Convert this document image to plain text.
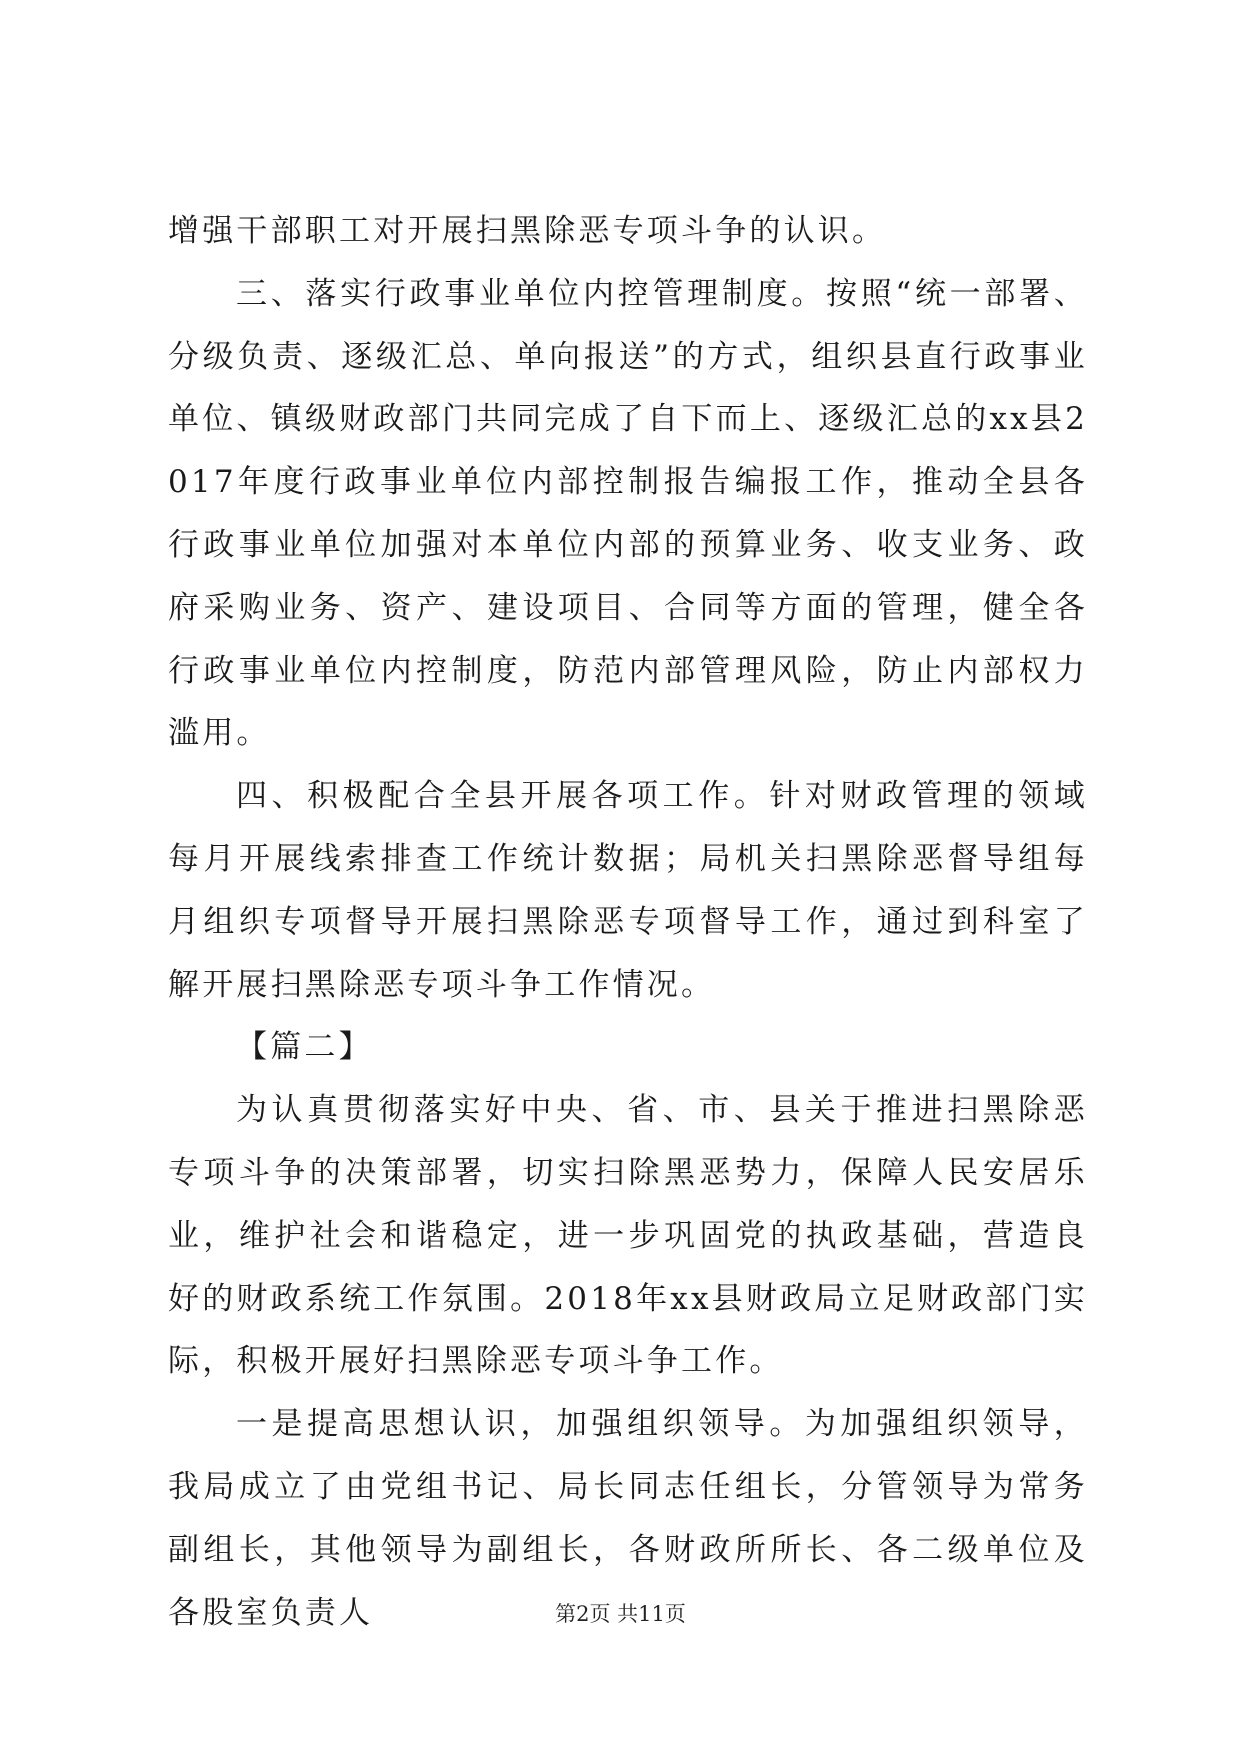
增强干部职工对开展扫黑除恶专项斗争的认识。

三、落实行政事业单位内控管理制度。按照“统一部署、分级负责、逐级汇总、单向报送”的方式，组织县直行政事业单位、镇级财政部门共同完成了自下而上、逐级汇总的xx县2017年度行政事业单位内部控制报告编报工作，推动全县各行政事业单位加强对本单位内部的预算业务、收支业务、政府采购业务、资产、建设项目、合同等方面的管理，健全各行政事业单位内控制度，防范内部管理风险，防止内部权力滥用。

四、积极配合全县开展各项工作。针对财政管理的领域每月开展线索排查工作统计数据；局机关扫黑除恶督导组每月组织专项督导开展扫黑除恶专项督导工作，通过到科室了解开展扫黑除恶专项斗争工作情况。

【篇二】

为认真贯彻落实好中央、省、市、县关于推进扫黑除恶专项斗争的决策部署，切实扫除黑恶势力，保障人民安居乐业，维护社会和谐稳定，进一步巩固党的执政基础，营造良好的财政系统工作氛围。2018年xx县财政局立足财政部门实际，积极开展好扫黑除恶专项斗争工作。

一是提高思想认识，加强组织领导。为加强组织领导，我局成立了由党组书记、局长同志任组长，分管领导为常务副组长，其他领导为副组长，各财政所所长、各二级单位及各股室负责人	第2页 共11页
